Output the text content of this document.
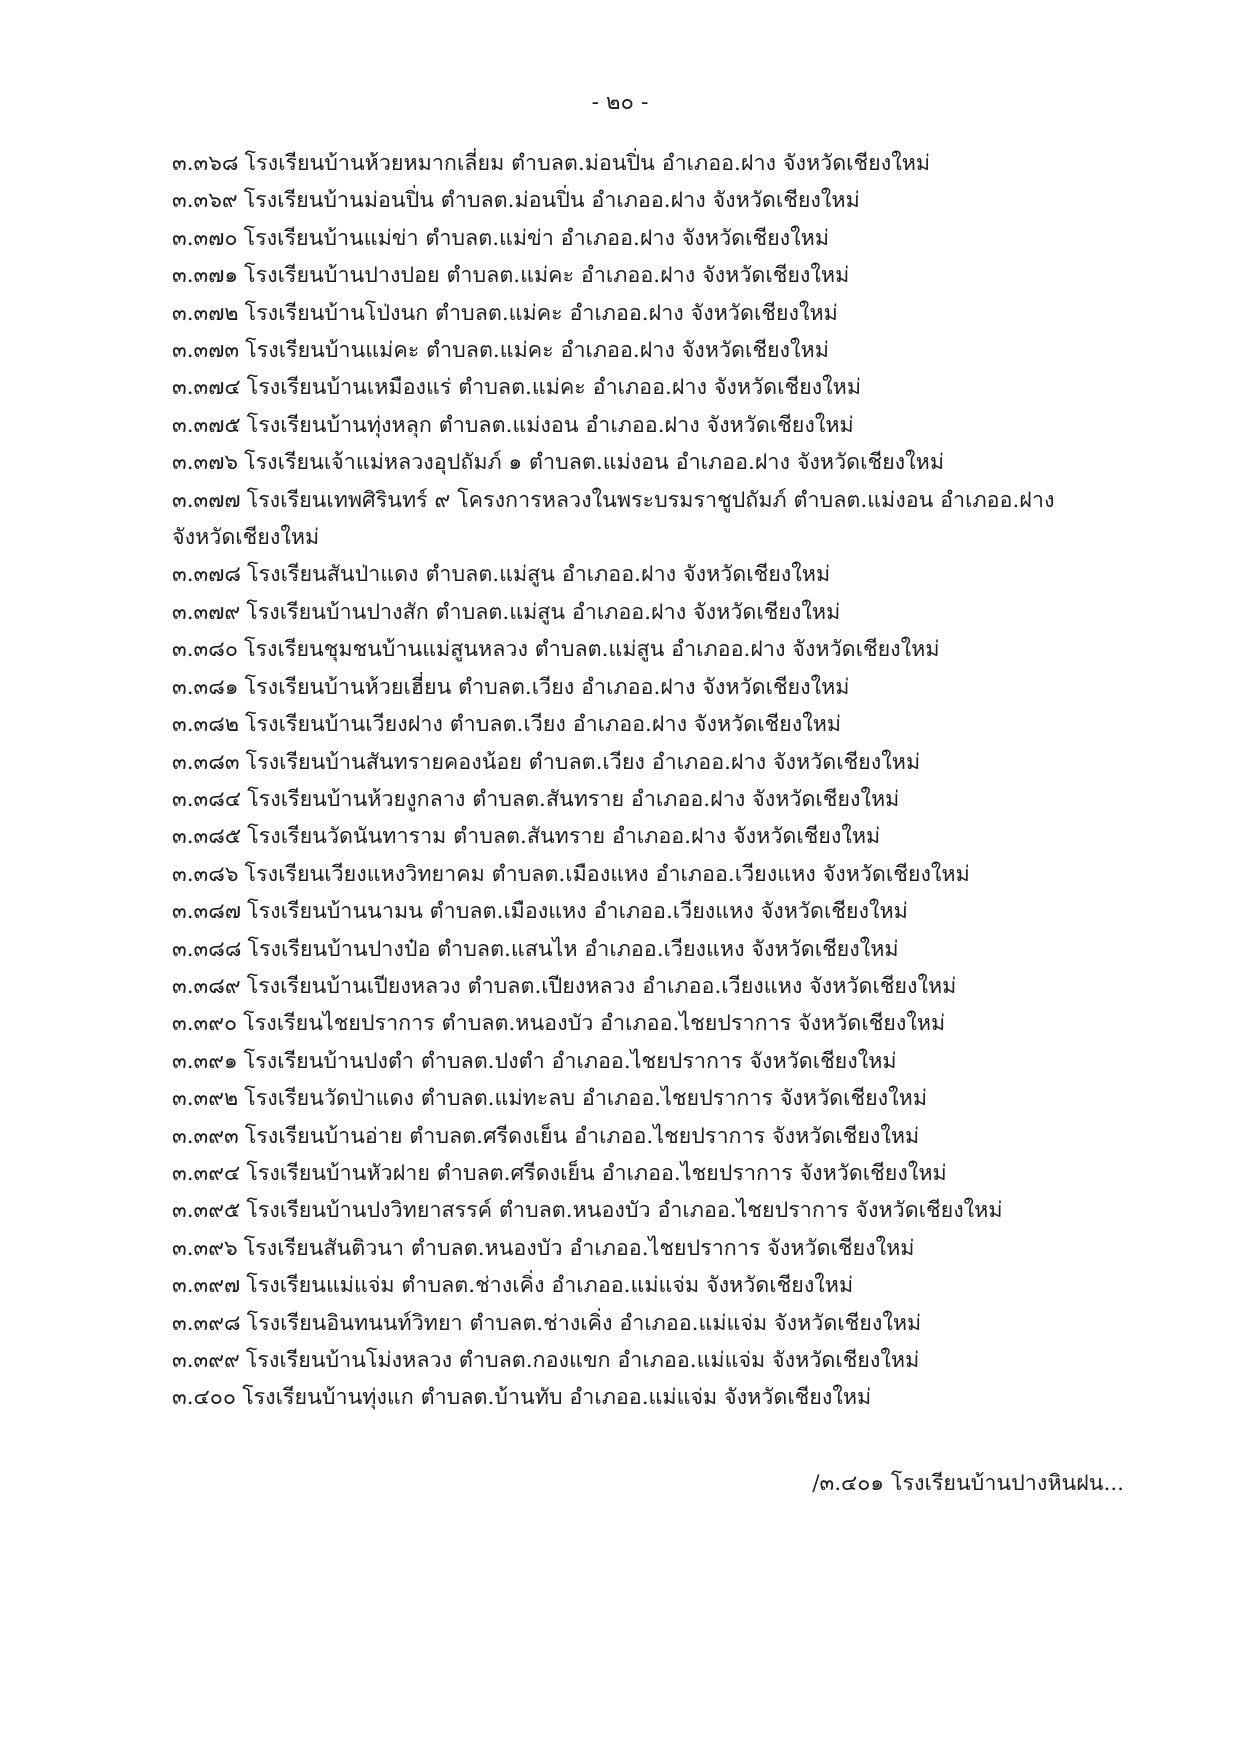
- ๒๐ -
๓.๓๖๘ โรงเรียนบ้านห้วยหมากเลี่ยม ตำบลต.ม่อนปิ่น อำเภออ.ฝาง จังหวัดเชียงใหม่
๓.๓๖๙ โรงเรียนบ้านม่อนปิ่น ตำบลต.ม่อนปิ่น อำเภออ.ฝาง จังหวัดเชียงใหม่
๓.๓๗๐ โรงเรียนบ้านแม่ข่า ตำบลต.แม่ข่า อำเภออ.ฝาง จังหวัดเชียงใหม่
๓.๓๗๑ โรงเรียนบ้านปางปอย ตำบลต.แม่คะ อำเภออ.ฝาง จังหวัดเชียงใหม่
๓.๓๗๒ โรงเรียนบ้านโป่งนก ตำบลต.แม่คะ อำเภออ.ฝาง จังหวัดเชียงใหม่
๓.๓๗๓ โรงเรียนบ้านแม่คะ ตำบลต.แม่คะ อำเภออ.ฝาง จังหวัดเชียงใหม่
๓.๓๗๔ โรงเรียนบ้านเหมืองแร่ ตำบลต.แม่คะ อำเภออ.ฝาง จังหวัดเชียงใหม่
๓.๓๗๕ โรงเรียนบ้านทุ่งหลุก ตำบลต.แม่งอน อำเภออ.ฝาง จังหวัดเชียงใหม่
๓.๓๗๖ โรงเรียนเจ้าแม่หลวงอุปถัมภ์ ๑ ตำบลต.แม่งอน อำเภออ.ฝาง จังหวัดเชียงใหม่
๓.๓๗๗ โรงเรียนเทพศิรินทร์ ๙ โครงการหลวงในพระบรมราชูปถัมภ์ ตำบลต.แม่งอน อำเภออ.ฝาง จังหวัดเชียงใหม่
๓.๓๗๘ โรงเรียนสันป่าแดง ตำบลต.แม่สูน อำเภออ.ฝาง จังหวัดเชียงใหม่
๓.๓๗๙ โรงเรียนบ้านปางสัก ตำบลต.แม่สูน อำเภออ.ฝาง จังหวัดเชียงใหม่
๓.๓๘๐ โรงเรียนชุมชนบ้านแม่สูนหลวง ตำบลต.แม่สูน อำเภออ.ฝาง จังหวัดเชียงใหม่
๓.๓๘๑ โรงเรียนบ้านห้วยเฮี่ยน ตำบลต.เวียง อำเภออ.ฝาง จังหวัดเชียงใหม่
๓.๓๘๒ โรงเรียนบ้านเวียงฝาง ตำบลต.เวียง อำเภออ.ฝาง จังหวัดเชียงใหม่
๓.๓๘๓ โรงเรียนบ้านสันทรายคองน้อย ตำบลต.เวียง อำเภออ.ฝาง จังหวัดเชียงใหม่
๓.๓๘๔ โรงเรียนบ้านห้วยงูกลาง ตำบลต.สันทราย อำเภออ.ฝาง จังหวัดเชียงใหม่
๓.๓๘๕ โรงเรียนวัดนันทาราม ตำบลต.สันทราย อำเภออ.ฝาง จังหวัดเชียงใหม่
๓.๓๘๖ โรงเรียนเวียงแหงวิทยาคม ตำบลต.เมืองแหง อำเภออ.เวียงแหง จังหวัดเชียงใหม่
๓.๓๘๗ โรงเรียนบ้านนามน ตำบลต.เมืองแหง อำเภออ.เวียงแหง จังหวัดเชียงใหม่
๓.๓๘๘ โรงเรียนบ้านปางป๋อ ตำบลต.แสนไห อำเภออ.เวียงแหง จังหวัดเชียงใหม่
๓.๓๘๙ โรงเรียนบ้านเปียงหลวง ตำบลต.เปียงหลวง อำเภออ.เวียงแหง จังหวัดเชียงใหม่
๓.๓๙๐ โรงเรียนไชยปราการ ตำบลต.หนองบัว อำเภออ.ไชยปราการ จังหวัดเชียงใหม่
๓.๓๙๑ โรงเรียนบ้านปงตำ ตำบลต.ปงตำ อำเภออ.ไชยปราการ จังหวัดเชียงใหม่
๓.๓๙๒ โรงเรียนวัดป่าแดง ตำบลต.แม่ทะลบ อำเภออ.ไชยปราการ จังหวัดเชียงใหม่
๓.๓๙๓ โรงเรียนบ้านอ่าย ตำบลต.ศรีดงเย็น อำเภออ.ไชยปราการ จังหวัดเชียงใหม่
๓.๓๙๔ โรงเรียนบ้านหัวฝาย ตำบลต.ศรีดงเย็น อำเภออ.ไชยปราการ จังหวัดเชียงใหม่
๓.๓๙๕ โรงเรียนบ้านปงวิทยาสรรค์ ตำบลต.หนองบัว อำเภออ.ไชยปราการ จังหวัดเชียงใหม่
๓.๓๙๖ โรงเรียนสันติวนา ตำบลต.หนองบัว อำเภออ.ไชยปราการ จังหวัดเชียงใหม่
๓.๓๙๗ โรงเรียนแม่แจ่ม ตำบลต.ช่างเคิ่ง อำเภออ.แม่แจ่ม จังหวัดเชียงใหม่
๓.๓๙๘ โรงเรียนอินทนนท์วิทยา ตำบลต.ช่างเคิ่ง อำเภออ.แม่แจ่ม จังหวัดเชียงใหม่
๓.๓๙๙ โรงเรียนบ้านโม่งหลวง ตำบลต.กองแขก อำเภออ.แม่แจ่ม จังหวัดเชียงใหม่
๓.๔๐๐ โรงเรียนบ้านทุ่งแก ตำบลต.บ้านทับ อำเภออ.แม่แจ่ม จังหวัดเชียงใหม่
/๓.๔๐๑ โรงเรียนบ้านปางหินฝน...
